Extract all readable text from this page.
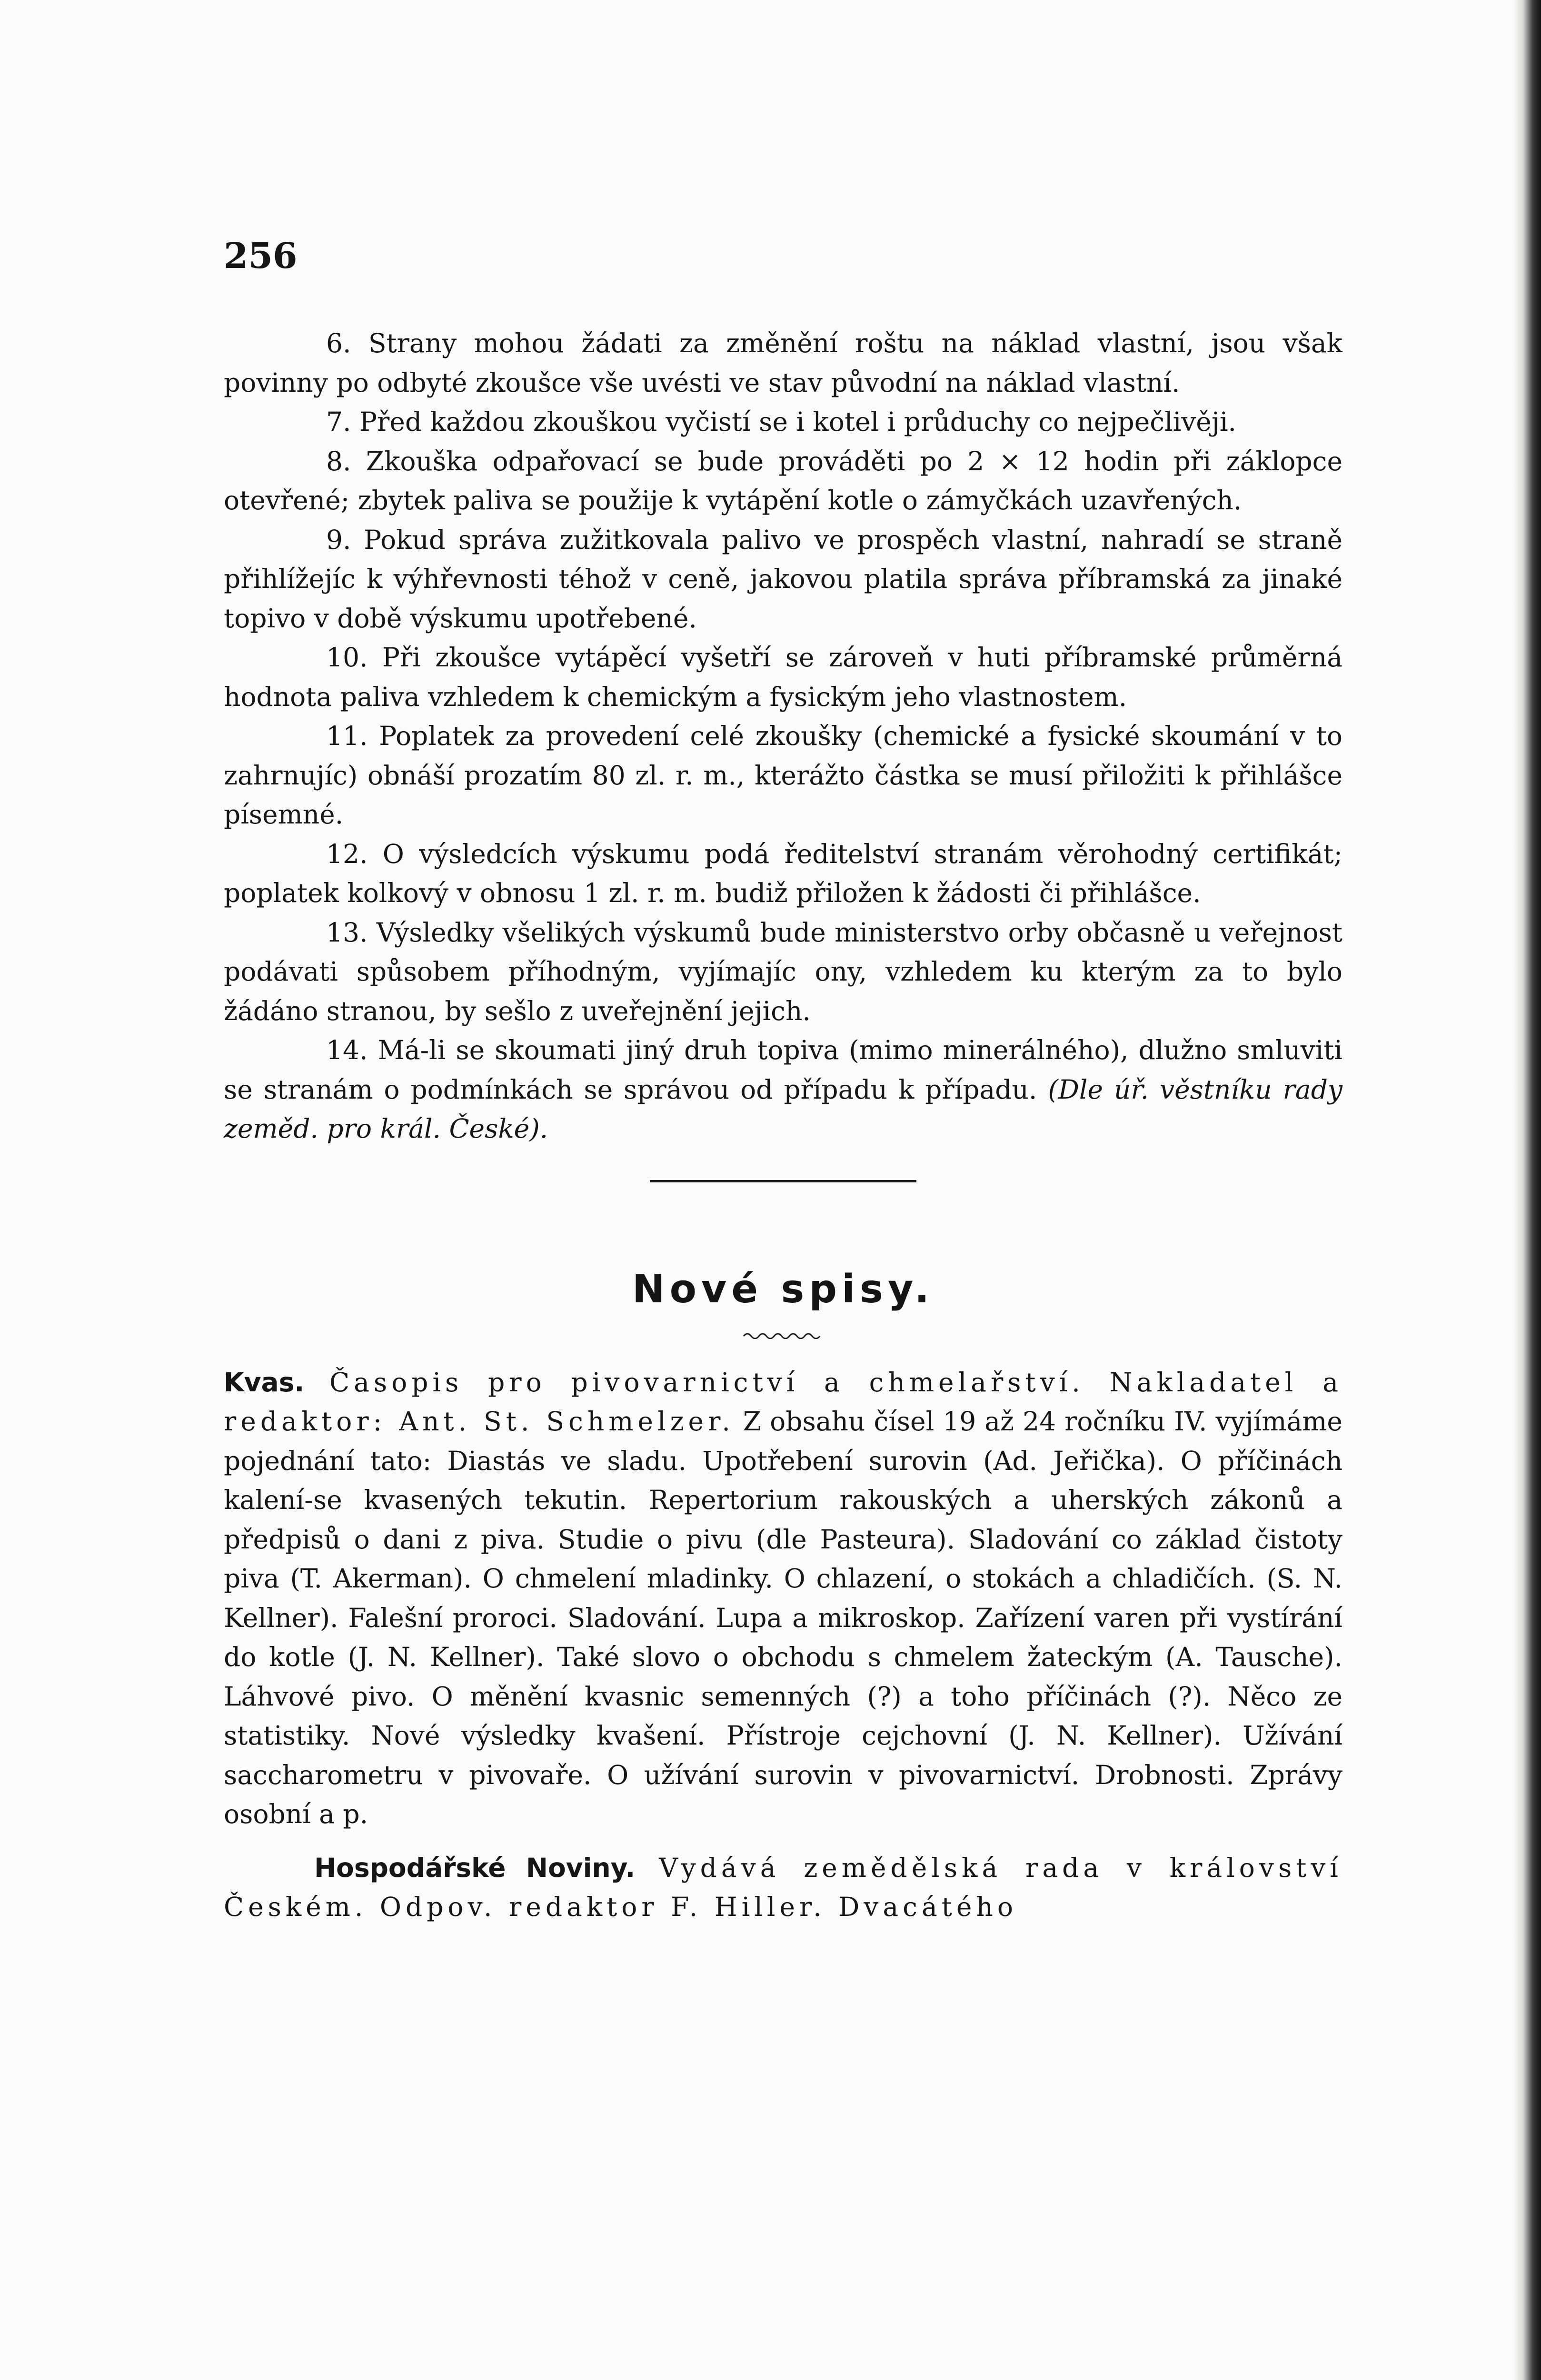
256

6. Strany mohou žádati za změnění roštu na náklad vlastní, jsou však povinny po odbyté zkoušce vše uvésti ve stav původní na náklad vlastní.

7. Před každou zkouškou vyčistí se i kotel i průduchy co nejpečlivěji.

8. Zkouška odpařovací se bude prováděti po 2 × 12 hodin při záklopce otevřené; zbytek paliva se použije k vytápění kotle o zámyčkách uzavřených.

9. Pokud správa zužitkovala palivo ve prospěch vlastní, nahradí se straně přihlížejíc k výhřevnosti téhož v ceně, jakovou platila správa příbramská za jinaké topivo v době výskumu upotřebené.

10. Při zkoušce vytápěcí vyšetří se zároveň v huti příbramské průměrná hodnota paliva vzhledem k chemickým a fysickým jeho vlastnostem.

11. Poplatek za provedení celé zkoušky (chemické a fysické skoumání v to zahrnujíc) obnáší prozatím 80 zl. r. m., kterážto částka se musí přiložiti k přihlášce písemné.

12. O výsledcích výskumu podá ředitelství stranám věrohodný certifikát; poplatek kolkový v obnosu 1 zl. r. m. budiž přiložen k žádosti či přihlášce.

13. Výsledky všelikých výskumů bude ministerstvo orby občasně u veřejnost podávati spůsobem příhodným, vyjímajíc ony, vzhledem ku kterým za to bylo žádáno stranou, by sešlo z uveřejnění jejich.

14. Má-li se skoumati jiný druh topiva (mimo minerálného), dlužno smluviti se stranám o podmínkách se správou od případu k případu. (Dle úř. věstníku rady zeměd. pro král. České).

Nové spisy.

Kvas. Časopis pro pivovarnictví a chmelařství. Nakladatel a redaktor: Ant. St. Schmelzer. Z obsahu čísel 19 až 24 ročníku IV. vyjímáme pojednání tato: Diastás ve sladu. Upotřebení surovin (Ad. Jeřička). O příčinách kalení-se kvasených tekutin. Repertorium rakouských a uherských zákonů a předpisů o dani z piva. Studie o pivu (dle Pasteura). Sladování co základ čistoty piva (T. Akerman). O chmelení mladinky. O chlazení, o stokách a chladičích. (S. N. Kellner). Falešní proroci. Sladování. Lupa a mikroskop. Zařízení varen při vystírání do kotle (J. N. Kellner). Také slovo o obchodu s chmelem žateckým (A. Tausche). Láhvové pivo. O měnění kvasnic semenných (?) a toho příčinách (?). Něco ze statistiky. Nové výsledky kvašení. Přístroje cejchovní (J. N. Kellner). Užívání saccharometru v pivovaře. O užívání surovin v pivovarnictví. Drobnosti. Zprávy osobní a p.

Hospodářské Noviny. Vydává zemědělská rada v království Českém. Odpov. redaktor F. Hiller. Dvacátého
